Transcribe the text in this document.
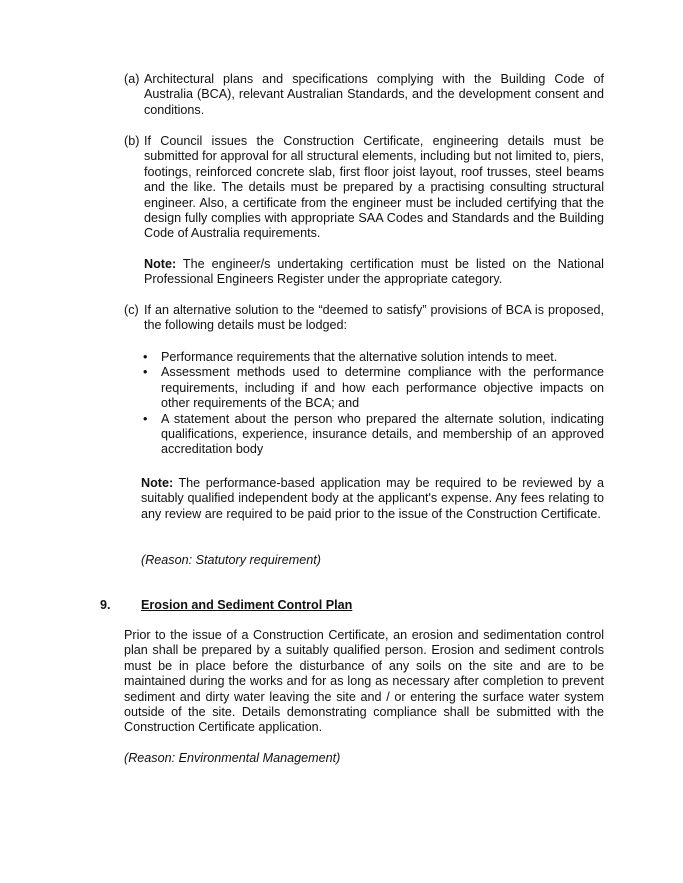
(a) Architectural plans and specifications complying with the Building Code of Australia (BCA), relevant Australian Standards, and the development consent and conditions.
(b) If Council issues the Construction Certificate, engineering details must be submitted for approval for all structural elements, including but not limited to, piers, footings, reinforced concrete slab, first floor joist layout, roof trusses, steel beams and the like. The details must be prepared by a practising consulting structural engineer. Also, a certificate from the engineer must be included certifying that the design fully complies with appropriate SAA Codes and Standards and the Building Code of Australia requirements.

Note: The engineer/s undertaking certification must be listed on the National Professional Engineers Register under the appropriate category.

(c) If an alternative solution to the “deemed to satisfy” provisions of BCA is proposed, the following details must be lodged:
• Performance requirements that the alternative solution intends to meet.
• Assessment methods used to determine compliance with the performance requirements, including if and how each performance objective impacts on other requirements of the BCA; and
• A statement about the person who prepared the alternate solution, indicating qualifications, experience, insurance details, and membership of an approved accreditation body

Note: The performance-based application may be required to be reviewed by a suitably qualified independent body at the applicant's expense. Any fees relating to any review are required to be paid prior to the issue of the Construction Certificate.

(Reason: Statutory requirement)

9. Erosion and Sediment Control Plan

Prior to the issue of a Construction Certificate, an erosion and sedimentation control plan shall be prepared by a suitably qualified person. Erosion and sediment controls must be in place before the disturbance of any soils on the site and are to be maintained during the works and for as long as necessary after completion to prevent sediment and dirty water leaving the site and / or entering the surface water system outside of the site. Details demonstrating compliance shall be submitted with the Construction Certificate application.

(Reason: Environmental Management)
